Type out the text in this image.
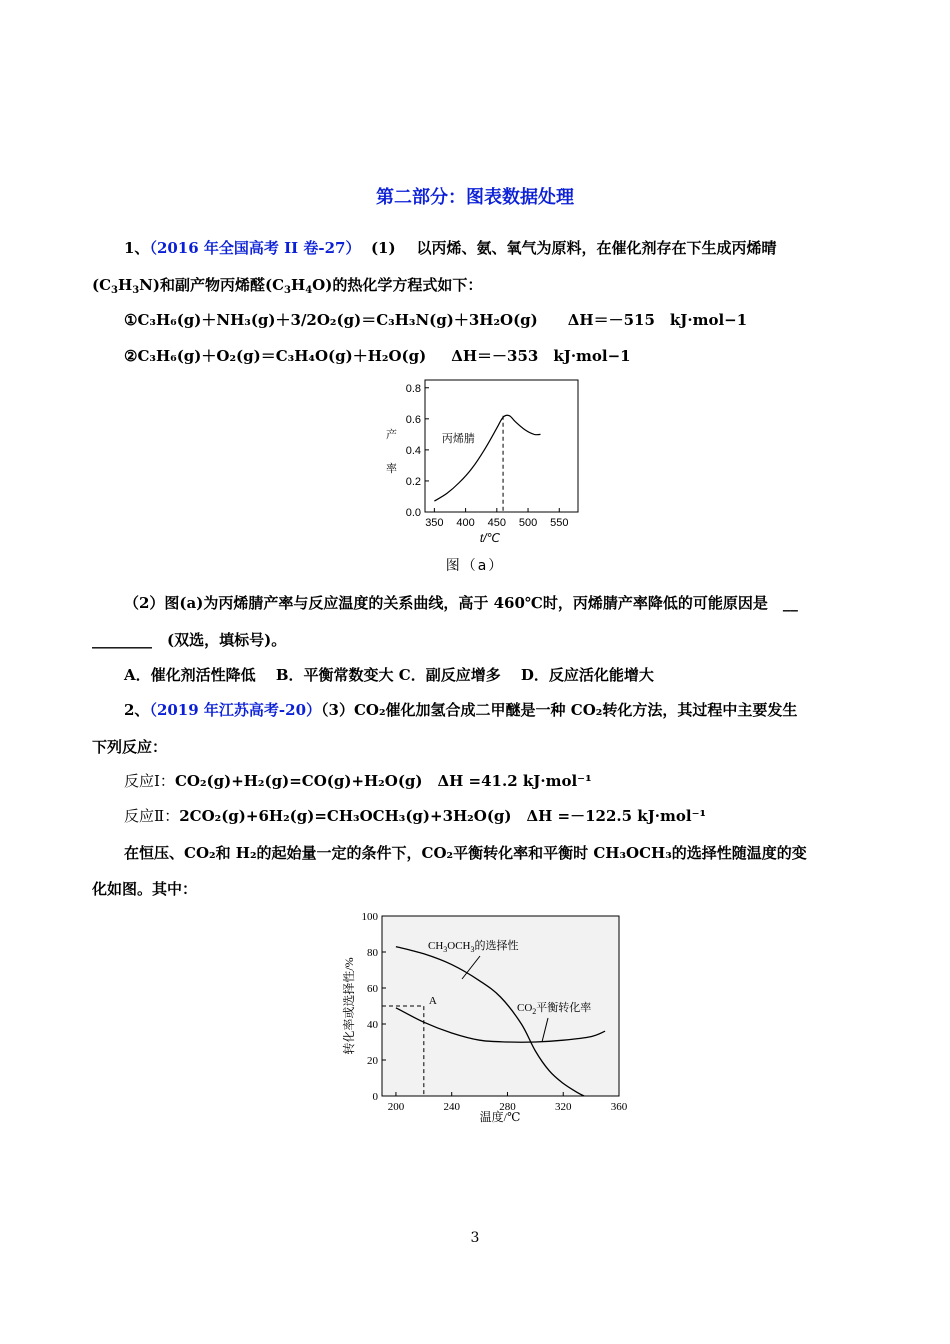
第二部分：图表数据处理
1、（2016 年全国高考 II 卷-27） (1) 以丙烯、氨、氧气为原料，在催化剂存在下生成丙烯晴
$(C_3H_3N)$和副产物丙烯醛$(C_3H_4O)$的热化学方程式如下：
①C₃H₆(g)＋NH₃(g)＋3/2O₂(g)＝C₃H₃N(g)＋3H₂O(g) ΔH＝－515　kJ·mol−1
②C₃H₆(g)＋O₂(g)＝C₃H₄O(g)＋H₂O(g) ΔH＝－353　kJ·mol−1
0.0
0.2
0.4
0.6
0.8
350 400 450 500 550
丙烯腈
产
率
t/℃
图（a）
（2）图(a)为丙烯腈产率与反应温度的关系曲线，高于 460℃时，丙烯腈产率降低的可能原因是　__
________　(双选，填标号)。
A．催化剂活性降低　 B．平衡常数变大 C．副反应增多　 D．反应活化能增大
2、（2019 年江苏高考-20）（3）CO₂催化加氢合成二甲醚是一种 CO₂转化方法，其过程中主要发生
下列反应：
反应Ⅰ：CO₂(g)+H₂(g)=CO(g)+H₂O(g)　ΔH =41.2 kJ·mol⁻¹
反应Ⅱ：2CO₂(g)+6H₂(g)=CH₃OCH₃(g)+3H₂O(g)　ΔH =－122.5 kJ·mol⁻¹
在恒压、CO₂和 H₂的起始量一定的条件下，CO₂平衡转化率和平衡时 CH₃OCH₃的选择性随温度的变
化如图。其中：
0
20
40
60
80
100
200	240	280	320	360
A
$CH_3OCH_3$的选择性
$CO_2$平衡转化率
转化率或选择性/%
温度/℃
3
